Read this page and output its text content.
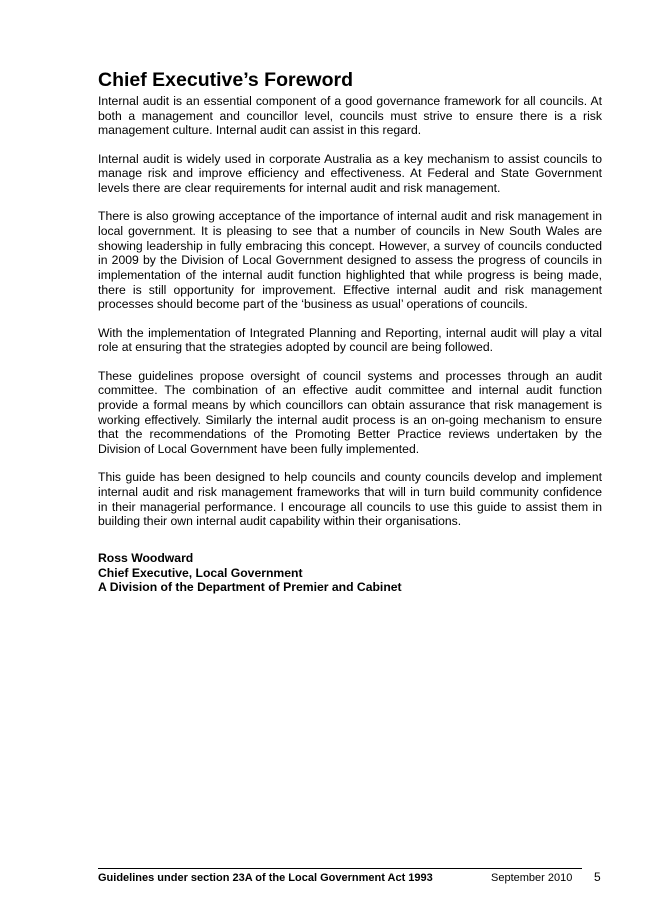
Chief Executive’s Foreword

Internal audit is an essential component of a good governance framework for all councils. At both a management and councillor level, councils must strive to ensure there is a risk management culture. Internal audit can assist in this regard.

Internal audit is widely used in corporate Australia as a key mechanism to assist councils to manage risk and improve efficiency and effectiveness. At Federal and State Government levels there are clear requirements for internal audit and risk management.

There is also growing acceptance of the importance of internal audit and risk management in local government. It is pleasing to see that a number of councils in New South Wales are showing leadership in fully embracing this concept. However, a survey of councils conducted in 2009 by the Division of Local Government designed to assess the progress of councils in implementation of the internal audit function highlighted that while progress is being made, there is still opportunity for improvement. Effective internal audit and risk management processes should become part of the ‘business as usual’ operations of councils.

With the implementation of Integrated Planning and Reporting, internal audit will play a vital role at ensuring that the strategies adopted by council are being followed.

These guidelines propose oversight of council systems and processes through an audit committee. The combination of an effective audit committee and internal audit function provide a formal means by which councillors can obtain assurance that risk management is working effectively. Similarly the internal audit process is an on-going mechanism to ensure that the recommendations of the Promoting Better Practice reviews undertaken by the Division of Local Government have been fully implemented.

This guide has been designed to help councils and county councils develop and implement internal audit and risk management frameworks that will in turn build community confidence in their managerial performance. I encourage all councils to use this guide to assist them in building their own internal audit capability within their organisations.

Ross Woodward
Chief Executive, Local Government
A Division of the Department of Premier and Cabinet
Guidelines under section 23A of the Local Government Act 1993	September 2010 5
